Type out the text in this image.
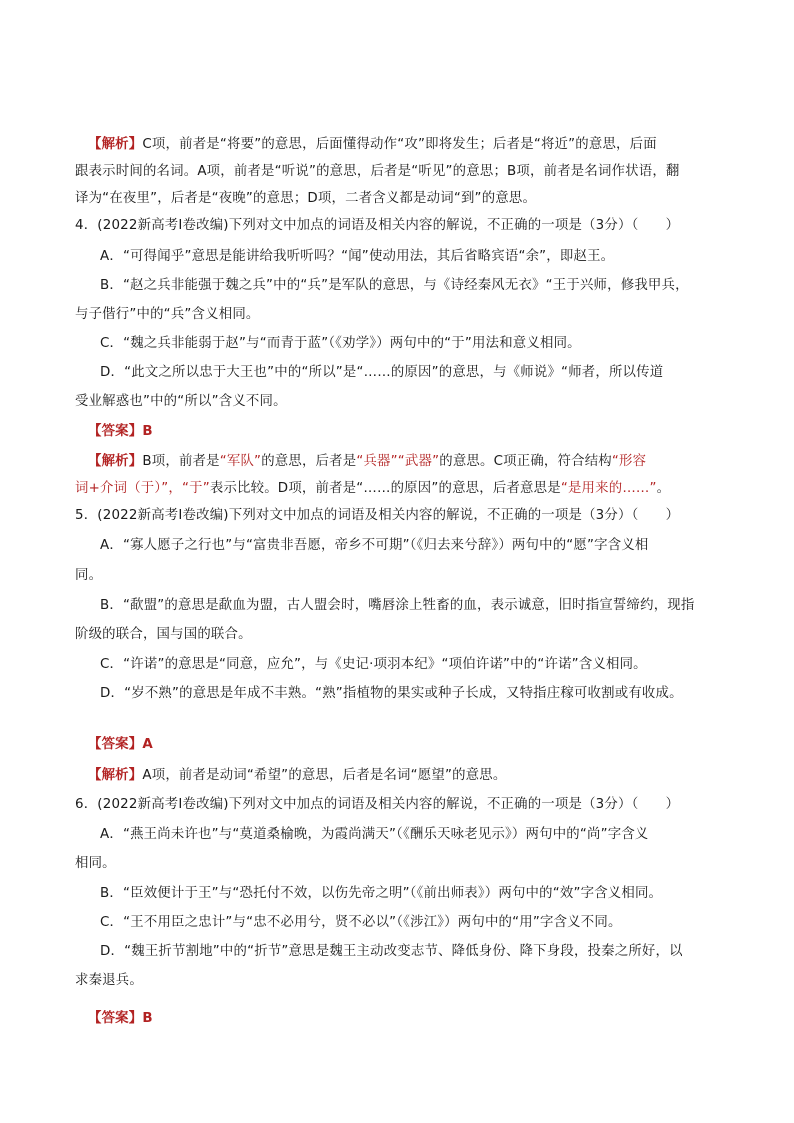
【解析】C项，前者是“将要”的意思，后面懂得动作“攻”即将发生；后者是“将近”的意思，后面
跟表示时间的名词。A项，前者是“听说”的意思，后者是“听见”的意思；B项，前者是名词作状语，翻
译为“在夜里”，后者是“夜晚”的意思；D项，二者含义都是动词“到”的意思。
4．(2022新高考Ⅰ卷改编)下列对文中加点的词语及相关内容的解说，不正确的一项是（3分）（　　）
A．“可得闻乎”意思是能讲给我听听吗？“闻”使动用法，其后省略宾语“余”，即赵王。
B．“赵之兵非能强于魏之兵”中的“兵”是军队的意思，与《诗经秦风无衣》“王于兴师，修我甲兵，
与子偕行”中的“兵”含义相同。
C．“魏之兵非能弱于赵”与“而青于蓝”（《劝学》）两句中的“于”用法和意义相同。
D．“此文之所以忠于大王也”中的“所以”是“……的原因”的意思，与《师说》“师者，所以传道
受业解惑也”中的“所以”含义不同。
【答案】B
【解析】B项，前者是“军队”的意思，后者是“兵器”“武器”的意思。C项正确，符合结构“形容
词+介词（于）”，“于”表示比较。D项，前者是“……的原因”的意思，后者意思是“是用来的……”。
5．(2022新高考Ⅰ卷改编)下列对文中加点的词语及相关内容的解说，不正确的一项是（3分）（　　）
A．“寡人愿子之行也”与“富贵非吾愿，帝乡不可期”（《归去来兮辞》）两句中的“愿”字含义相
同。
B．“歃盟”的意思是歃血为盟，古人盟会时，嘴唇涂上牲畜的血，表示诚意，旧时指宣誓缔约，现指
阶级的联合，国与国的联合。
C．“许诺”的意思是“同意，应允”，与《史记·项羽本纪》“项伯许诺”中的“许诺”含义相同。
D．“岁不熟”的意思是年成不丰熟。“熟”指植物的果实或种子长成，又特指庄稼可收割或有收成。
【答案】A
【解析】A项，前者是动词“希望”的意思，后者是名词“愿望”的意思。
6．(2022新高考Ⅰ卷改编)下列对文中加点的词语及相关内容的解说，不正确的一项是（3分）（　　）
A．“燕王尚未许也”与“莫道桑榆晚，为霞尚满天”（《酬乐天咏老见示》）两句中的“尚”字含义
相同。
B．“臣效便计于王”与“恐托付不效，以伤先帝之明”（《前出师表》）两句中的“效”字含义相同。
C．“王不用臣之忠计”与“忠不必用兮，贤不必以”（《涉江》）两句中的“用”字含义不同。
D．“魏王折节割地”中的“折节”意思是魏王主动改变志节、降低身份、降下身段，投秦之所好，以
求秦退兵。
【答案】B
